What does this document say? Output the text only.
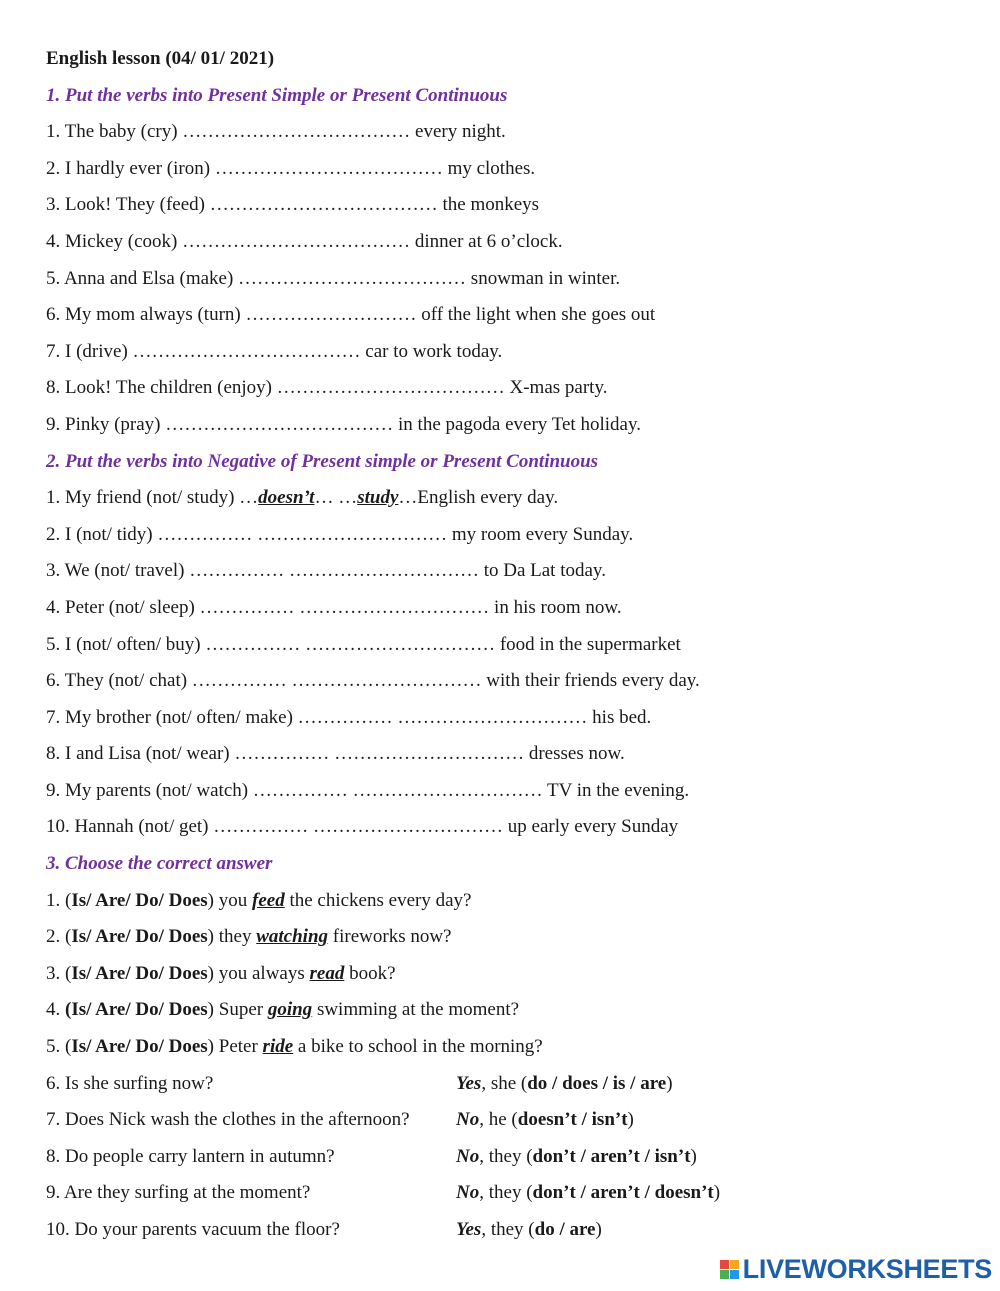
English lesson (04/ 01/ 2021)
1. Put the verbs into Present Simple or Present Continuous
1. The baby (cry) ……………………………… every night.
2. I hardly ever (iron) ……………………………… my clothes.
3. Look! They (feed) ……………………………… the monkeys
4. Mickey (cook) ……………………………… dinner at 6 o’clock.
5. Anna and Elsa (make) ……………………………… snowman in winter.
6. My mom always (turn) ……………………… off the light when she goes out
7. I (drive) ……………………………… car to work today.
8. Look! The children (enjoy) ……………………………… X-mas party.
9. Pinky (pray) ……………………………… in the pagoda every Tet holiday.
2. Put the verbs into Negative of Present simple or Present Continuous
1. My friend (not/ study) …doesn’t… …study…English every day.
2. I (not/ tidy) …………… ………………………… my room every Sunday.
3. We (not/ travel) …………… ………………………… to Da Lat today.
4. Peter (not/ sleep) …………… ………………………… in his room now.
5. I (not/ often/ buy) …………… ………………………… food in the supermarket
6. They (not/ chat) …………… ………………………… with their friends every day.
7. My brother (not/ often/ make) …………… ………………………… his bed.
8. I and Lisa (not/ wear) …………… ………………………… dresses now.
9. My parents (not/ watch) …………… ………………………… TV in the evening.
10. Hannah (not/ get) …………… ………………………… up early every Sunday
3. Choose the correct answer
1. (Is/ Are/ Do/ Does) you feed the chickens every day?
2. (Is/ Are/ Do/ Does) they watching fireworks now?
3. (Is/ Are/ Do/ Does) you always read book?
4. (Is/ Are/ Do/ Does) Super going swimming at the moment?
5. (Is/ Are/ Do/ Does) Peter ride a bike to school in the morning?
6. Is she surfing now?	Yes, she (do / does / is / are)
7. Does Nick wash the clothes in the afternoon? No, he (doesn’t / isn’t)
8. Do people carry lantern in autumn?	No, they (don’t / aren’t / isn’t)
9. Are they surfing at the moment?	No, they (don’t / aren’t / doesn’t)
10. Do your parents vacuum the floor?	Yes, they (do / are)
LIVEWORKSHEETS
